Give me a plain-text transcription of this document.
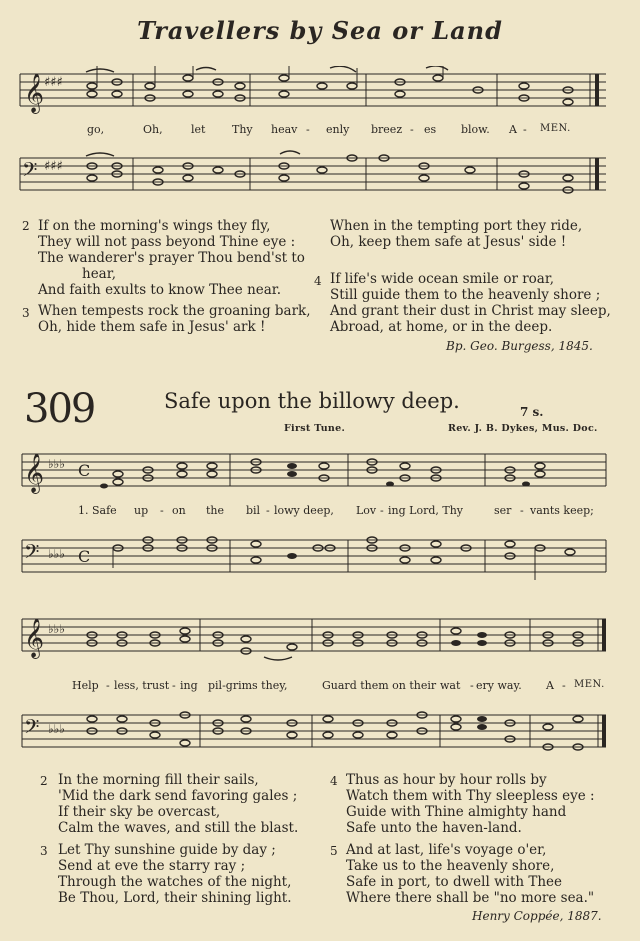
Travellers by Sea or Land
𝄞 ♯♯♯
go,	Oh,	let Thy heav - enly breez - es blow. A - MEN.
𝄢 ♯♯♯
2 If on the morning's wings they fly,
They will not pass beyond Thine eye :
The wanderer's prayer Thou bend'st to
hear,
And faith exults to know Thee near.
3 When tempests rock the groaning bark,
Oh, hide them safe in Jesus' ark !
When in the tempting port they ride,
Oh, keep them safe at Jesus' side !
4 If life's wide ocean smile or roar,
Still guide them to the heavenly shore ;
And grant their dust in Christ may sleep,
Abroad, at home, or in the deep.
Bp. Geo. Burgess, 1845.
309	Safe upon the billowy deep.	7 s.
First Tune.	Rev. J. B. Dykes, Mus. Doc.
𝄞 ♭♭♭ C
1. Safe up - on the bil - lowy deep, Lov - ing Lord, Thy	ser - vants keep;
𝄢 ♭♭♭ C
𝄞 ♭♭♭
Help - less, trust - ing pil-grims they,	Guard them on their wat - ery way. A - MEN.
𝄢 ♭♭♭
2 In the morning fill their sails,
'Mid the dark send favoring gales ;
If their sky be overcast,
Calm the waves, and still the blast.
3 Let Thy sunshine guide by day ;
Send at eve the starry ray ;
Through the watches of the night,
Be Thou, Lord, their shining light.
4 Thus as hour by hour rolls by
Watch them with Thy sleepless eye :
Guide with Thine almighty hand
Safe unto the haven-land.
5 And at last, life's voyage o'er,
Take us to the heavenly shore,
Safe in port, to dwell with Thee
Where there shall be "no more sea."
Henry Coppée, 1887.
